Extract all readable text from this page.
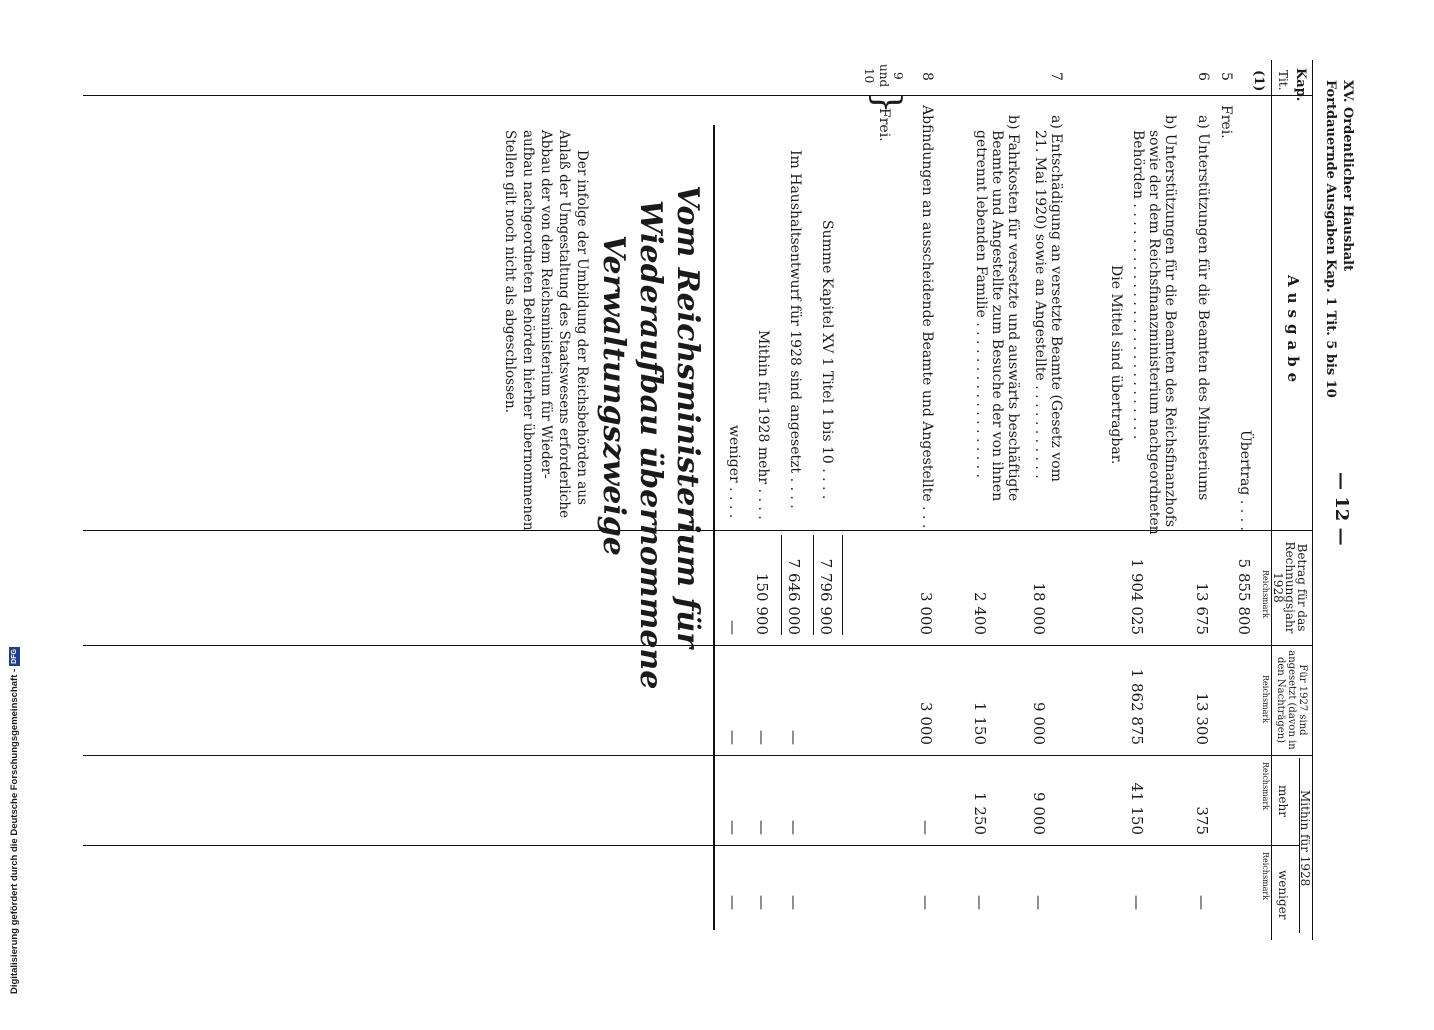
Digitalisierung gefördert durch die Deutsche Forschungsgemeinschaft -
DFG
XV. Ordentlicher Haushalt
Fortdauernde Ausgaben Kap. 1 Tit. 5 bis 10
— 12 —
Kap.
Tit.
Ausgabe
Betrag für das Rechnungsjahr 1928
Reichsmark
Für 1927 sind angesetzt (davon in den Nachträgen)
Reichsmark
Mithin für 1928
mehr
weniger
Reichsmark
Reichsmark
(1)
Übertrag . . . .
5 855 800
5
Frei.
6
a) Unterstützungen für die Beamten des Ministeriums
13 675
13 300
375
—
b) Unterstützungen für die Beamten des Reichsfinanzhofs
sowie der dem Reichsfinanzministerium nachgeordneten
Behörden . . . . . . . . . . . . . . . . . . . . . . . . . . .
1 904 025
1 862 875
41 150
—
Die Mittel sind übertragbar.
7
a) Entschädigung an versetzte Beamte (Gesetz vom
21. Mai 1920) sowie an Angestellte . . . . . . . . . . .
18 000
9 000
9 000
—
b) Fahrkosten für versetzte und auswärts beschäftigte
Beamte und Angestellte zum Besuche der von ihnen
getrennt lebenden Familie . . . . . . . . . . . . . . . . . .
2 400
1 150
1 250
—
8
Abfindungen an ausscheidende Beamte und Angestellte . . .
3 000
3 000
—
—
9
und
10
}
Frei.
Summe Kapitel XV 1 Titel 1 bis 10 . . . .
7 796 900
Im Haushaltsentwurf für 1928 sind angesetzt . . . .
7 646 000
—
—
—
Mithin für 1928 mehr . . . .
150 900
—
—
—
weniger . . . .
—
—
—
—
Vom Reichsministerium für
Wiederaufbau übernommene
Verwaltungszweige
Der infolge der Umbildung der Reichsbehörden aus
Anlaß der Umgestaltung des Staatswesens erforderliche
Abbau der von dem Reichsministerium für Wieder-
aufbau nachgeordneten Behörden hierher übernommenen
Stellen gilt noch nicht als abgeschlossen.
